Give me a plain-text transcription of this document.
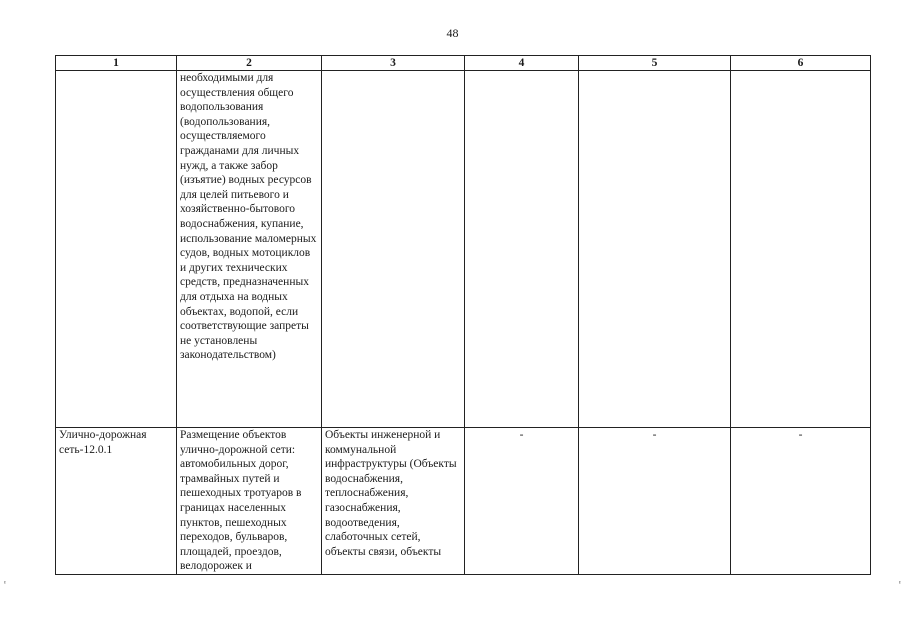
48
1	2	3	4	5	6
	необходимыми для осуществления общего водопользования (водопользования, осуществляемого гражданами для личных нужд, а также забор (изъятие) водных ресурсов для целей питьевого и хозяйственно-бытового водоснабжения, купание, использование маломерных судов, водных мотоциклов и других технических средств, предназначенных для отдыха на водных объектах, водопой, если соответствующие запреты не установлены законодательством)				
Улично-дорожная сеть-12.0.1	Размещение объектов улично-дорожной сети: автомобильных дорог, трамвайных путей и пешеходных тротуаров в границах населенных пунктов, пешеходных переходов, бульваров, площадей, проездов, велодорожек и	Объекты инженерной и коммунальной инфраструктуры (Объекты водоснабжения, теплоснабжения, газоснабжения, водоотведения, слаботочных сетей, объекты связи, объекты	-	-	-
ᵋ	ᵋ
